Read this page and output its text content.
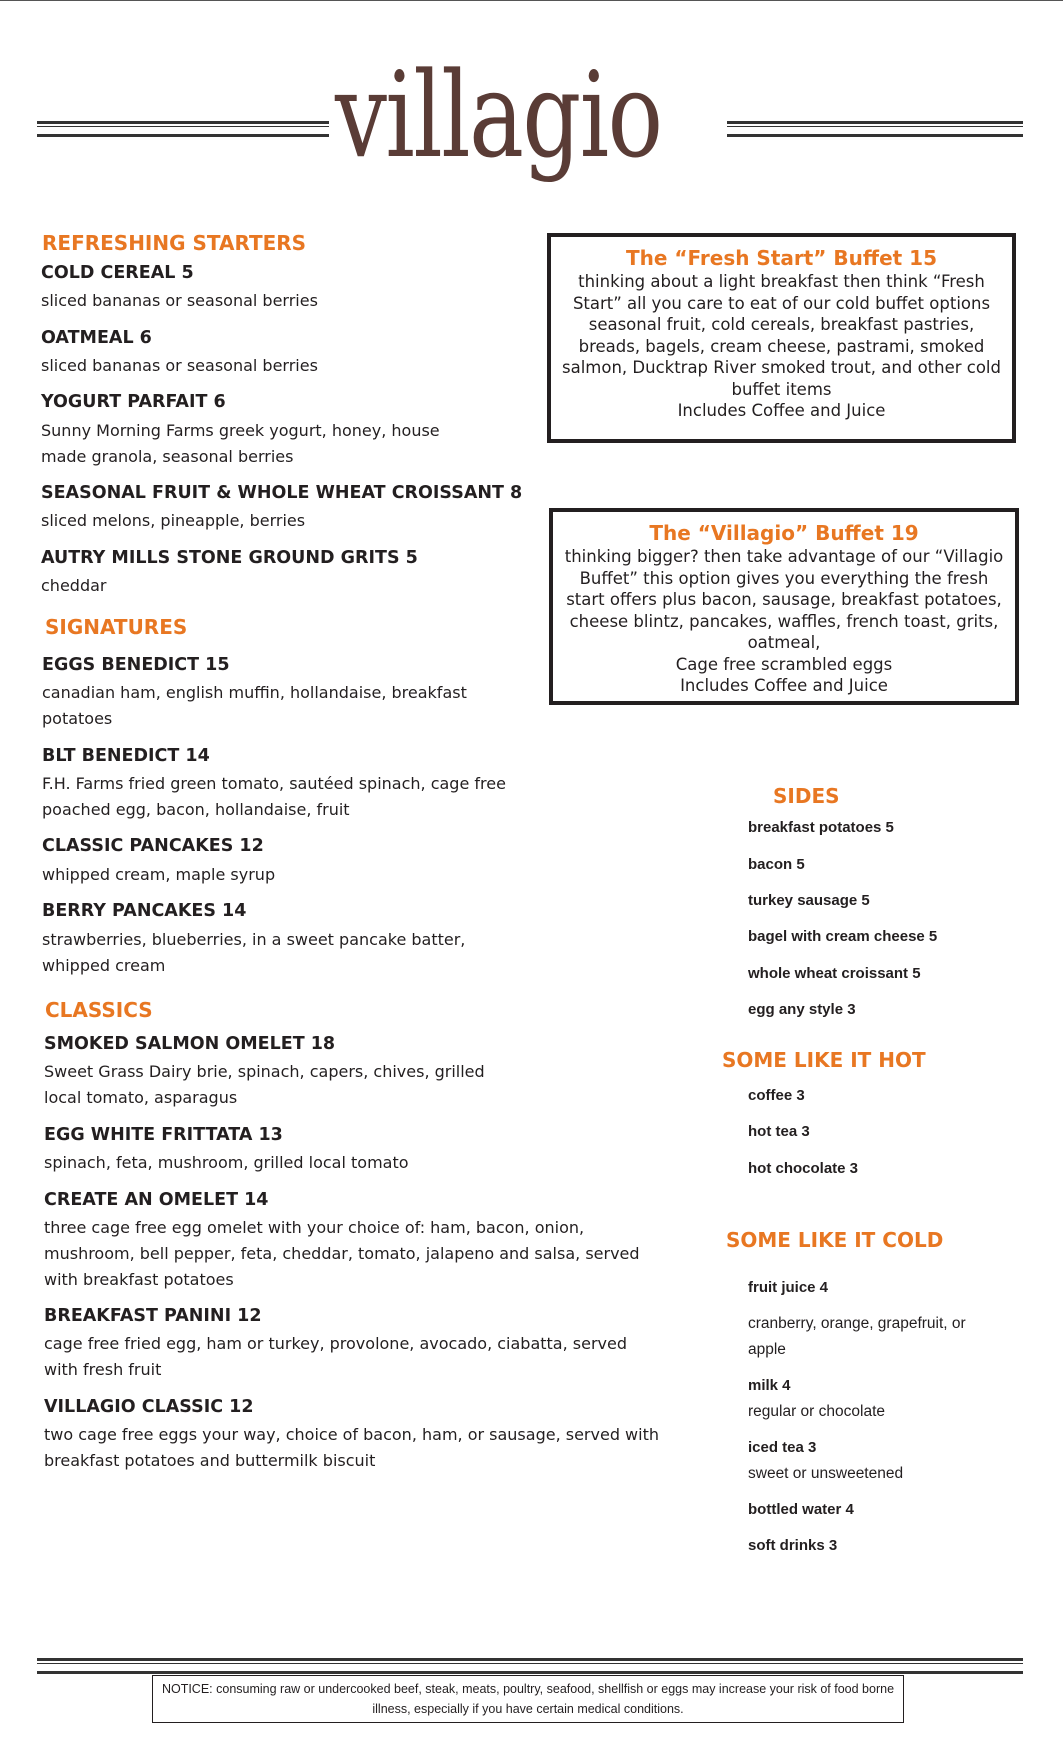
villagio
REFRESHING STARTERS
COLD CEREAL 5
sliced bananas or seasonal berries
OATMEAL 6
sliced bananas or seasonal berries
YOGURT PARFAIT 6
Sunny Morning Farms greek yogurt, honey, house made granola, seasonal berries
SEASONAL FRUIT & WHOLE WHEAT CROISSANT 8
sliced melons, pineapple, berries
AUTRY MILLS STONE GROUND GRITS 5
cheddar
SIGNATURES
EGGS BENEDICT 15
canadian ham, english muffin, hollandaise, breakfast potatoes
BLT BENEDICT 14
F.H. Farms fried green tomato, sautéed spinach, cage free poached egg, bacon, hollandaise, fruit
CLASSIC PANCAKES 12
whipped cream, maple syrup
BERRY PANCAKES 14
strawberries, blueberries, in a sweet pancake batter, whipped cream
CLASSICS
SMOKED SALMON OMELET 18
Sweet Grass Dairy brie, spinach, capers, chives, grilled local tomato, asparagus
EGG WHITE FRITTATA 13
spinach, feta, mushroom, grilled local tomato
CREATE AN OMELET 14
three cage free egg omelet with your choice of: ham, bacon, onion, mushroom, bell pepper, feta, cheddar, tomato, jalapeno and salsa, served with breakfast potatoes
BREAKFAST PANINI 12
cage free fried egg, ham or turkey, provolone, avocado, ciabatta, served with fresh fruit
VILLAGIO CLASSIC 12
two cage free eggs your way, choice of bacon, ham, or sausage, served with breakfast potatoes and buttermilk biscuit
The “Fresh Start” Buffet 15
thinking about a light breakfast then think “Fresh Start” all you care to eat of our cold buffet options seasonal fruit, cold cereals, breakfast pastries, breads, bagels, cream cheese, pastrami, smoked salmon, Ducktrap River smoked trout, and other cold buffet items
Includes Coffee and Juice
The “Villagio” Buffet 19
thinking bigger? then take advantage of our “Villagio Buffet” this option gives you everything the fresh start offers plus bacon, sausage, breakfast potatoes, cheese blintz, pancakes, waffles, french toast, grits, oatmeal,
Cage free scrambled eggs
Includes Coffee and Juice
SIDES
breakfast potatoes 5
bacon 5
turkey sausage 5
bagel with cream cheese 5
whole wheat croissant 5
egg any style 3
SOME LIKE IT HOT
coffee 3
hot tea 3
hot chocolate 3
SOME LIKE IT COLD
fruit juice 4
cranberry, orange, grapefruit, or apple
milk 4
regular or chocolate
iced tea 3
sweet or unsweetened
bottled water 4
soft drinks 3
NOTICE: consuming raw or undercooked beef, steak, meats, poultry, seafood, shellfish or eggs may increase your risk of food borne illness, especially if you have certain medical conditions.
